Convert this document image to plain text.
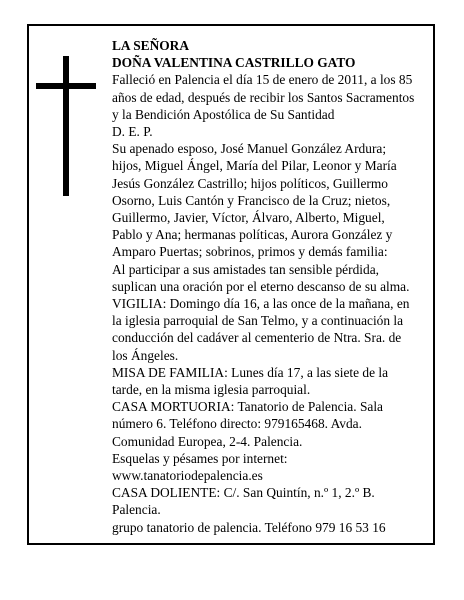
LA SEÑORA

DOÑA VALENTINA CASTRILLO GATO

Falleció en Palencia el día 15 de enero de 2011, a los 85 años de edad, después de recibir los Santos Sacramentos y la Bendición Apostólica de Su Santidad

D. E. P.

Su apenado esposo, José Manuel González Ardura; hijos, Miguel Ángel, María del Pilar, Leonor y María Jesús González Castrillo; hijos políticos, Guillermo Osorno, Luis Cantón y Francisco de la Cruz; nietos, Guillermo, Javier, Víctor, Álvaro, Alberto, Miguel, Pablo y Ana; hermanas políticas, Aurora González y Amparo Puertas; sobrinos, primos y demás familia:

Al participar a sus amistades tan sensible pérdida, suplican una oración por el eterno descanso de su alma.

VIGILIA: Domingo día 16, a las once de la mañana, en la iglesia parroquial de San Telmo, y a continuación la conducción del cadáver al cementerio de Ntra. Sra. de los Ángeles.

MISA DE FAMILIA: Lunes día 17, a las siete de la tarde, en la misma iglesia parroquial.

CASA MORTUORIA: Tanatorio de Palencia. Sala número 6. Teléfono directo: 979165468. Avda. Comunidad Europea, 2-4. Palencia.

Esquelas y pésames por internet:

www.tanatoriodepalencia.es

CASA DOLIENTE: C/. San Quintín, n.º 1, 2.º B. Palencia.

grupo tanatorio de palencia. Teléfono 979 16 53 16
